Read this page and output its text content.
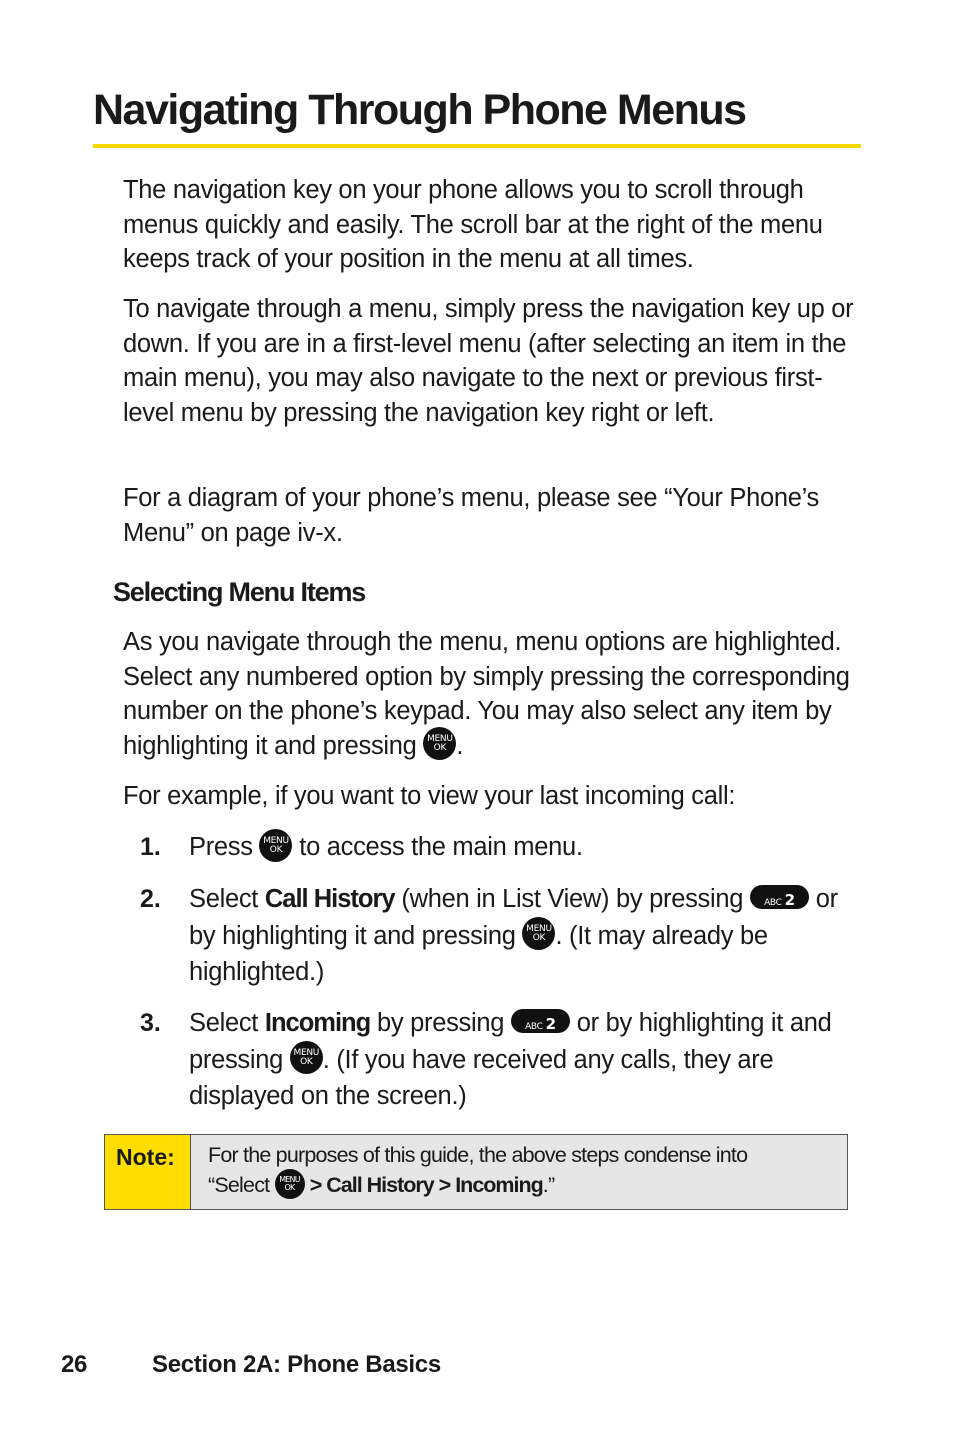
Navigating Through Phone Menus

The navigation key on your phone allows you to scroll through menus quickly and easily. The scroll bar at the right of the menu keeps track of your position in the menu at all times.

To navigate through a menu, simply press the navigation key up or down. If you are in a first-level menu (after selecting an item in the main menu), you may also navigate to the next or previous first-level menu by pressing the navigation key right or left.

For a diagram of your phone’s menu, please see “Your Phone’s Menu” on page iv-x.

Selecting Menu Items

As you navigate through the menu, menu options are highlighted. Select any numbered option by simply pressing the corresponding number on the phone’s keypad. You may also select any item by highlighting it and pressing	MENU
OK .

For example, if you want to view your last incoming call:

1. Press	MENU
OK to access the main menu.

2. Select Call History (when in List View) by pressing ABC 2 or by highlighting it and pressing	MENU
OK . (It may already be highlighted.)

3. Select Incoming by pressing ABC 2 or by highlighting it and pressing	MENU
OK . (If you have received any calls, they are displayed on the screen.)

Note:	For the purposes of this guide, the above steps condense into
“Select	MENU
OK > Call History > Incoming.”
26	Section 2A: Phone Basics
